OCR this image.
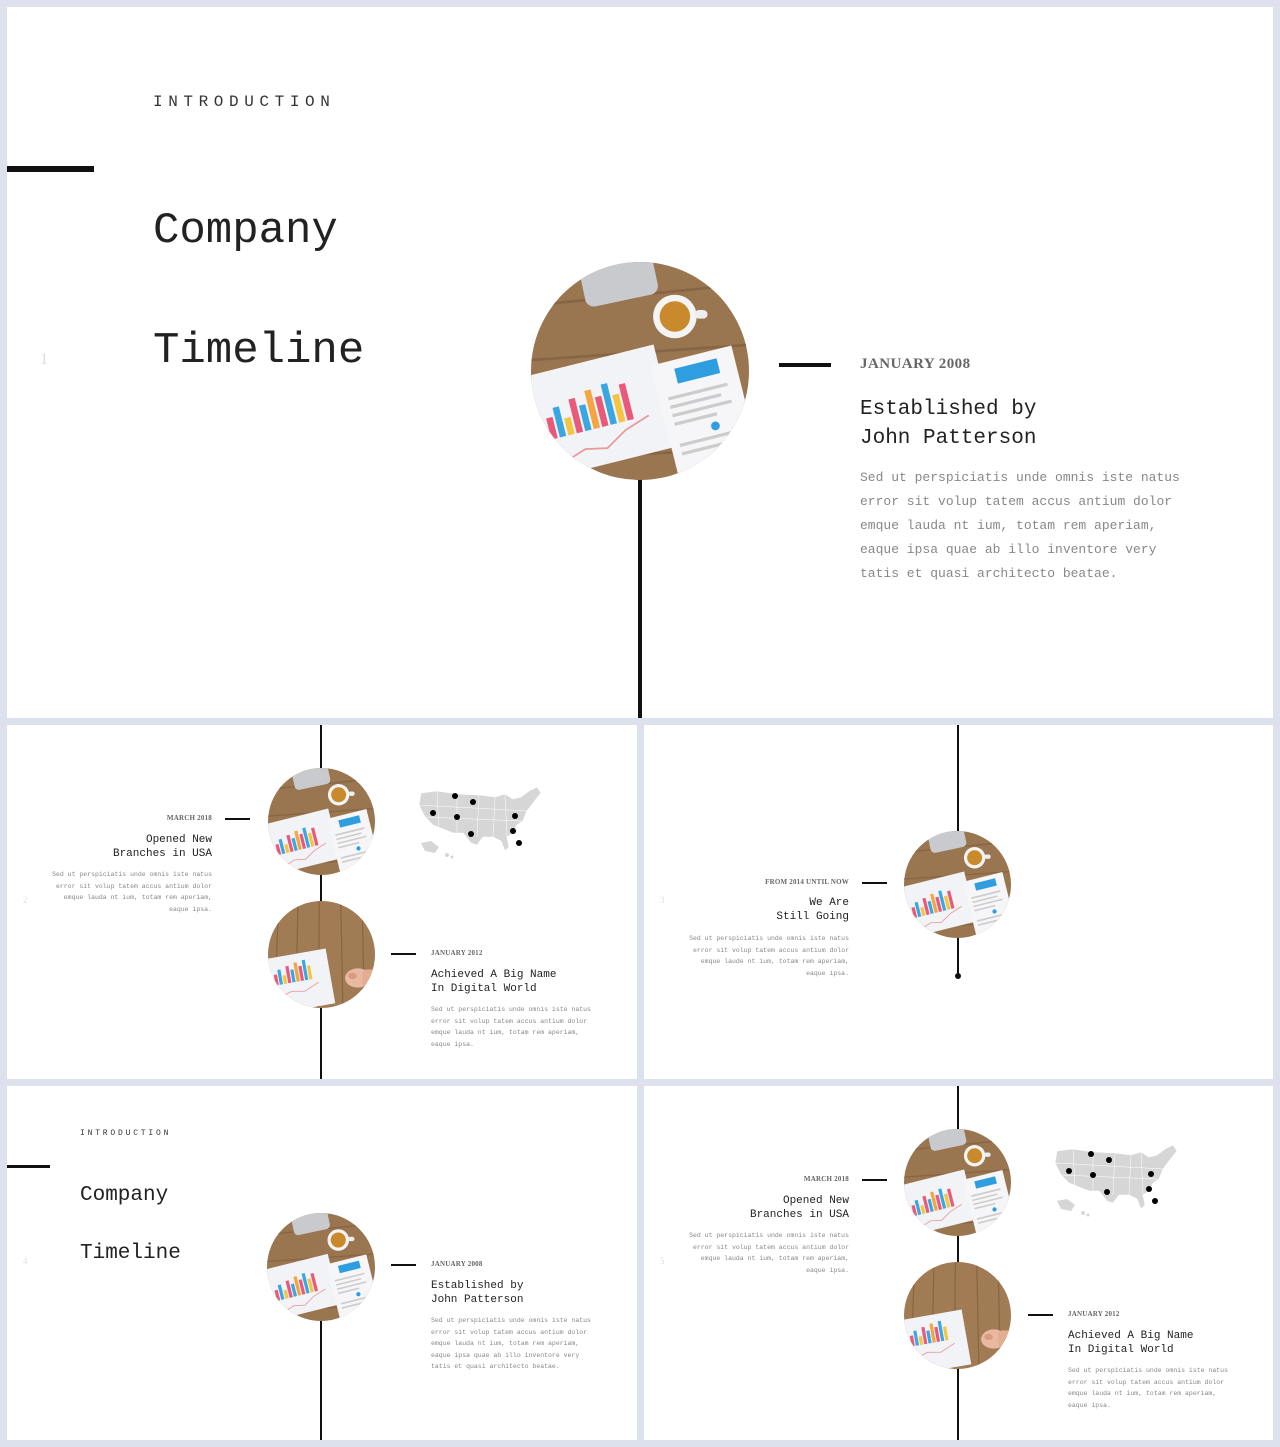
INTRODUCTION

Company

Timeline

1	JANUARY 2008
Established by
John Patterson
Sed ut perspiciatis unde omnis iste natus
error sit volup tatem accus antium dolor
emque lauda nt ium, totam rem aperiam,
eaque ipsa quae ab illo inventore very
tatis et quasi architecto beatae.
2
MARCH 2018
Opened New
Branches in USA
Sed ut perspiciatis unde omnis iste natus
error sit volup tatem accus antium dolor
emque lauda nt ium, totam rem aperiam,
eaque ipsa.
JANUARY 2012
Achieved A Big Name
In Digital World
Sed ut perspiciatis unde omnis iste natus
error sit volup tatem accus antium dolor
emque lauda nt ium, totam rem aperiam,
eaque ipsa.
3
FROM 2014 UNTIL NOW
We Are
Still Going
Sed ut perspiciatis unde omnis iste natus
error sit volup tatem accus antium dolor
emque laude nt ium, totam rem aperiam,
eaque ipsa.
INTRODUCTION

Company

Timeline

4	JANUARY 2008
Established by
John Patterson
Sed ut perspiciatis unde omnis iste natus
error sit volup tatem accus antium dolor
emque lauda nt ium, totam rem aperiam,
eaque ipsa quae ab illo inventore very
tatis et quasi architecto beatae.
5
MARCH 2018
Opened New
Branches in USA
Sed ut perspiciatis unde omnis iste natus
error sit volup tatem accus antium dolor
emque lauda nt ium, totam rem aperiam,
eaque ipsa.
JANUARY 2012
Achieved A Big Name
In Digital World
Sed ut perspiciatis unde omnis iste natus
error sit volup tatem accus antium dolor
emque lauda nt ium, totam rem aperiam,
eaque ipsa.
